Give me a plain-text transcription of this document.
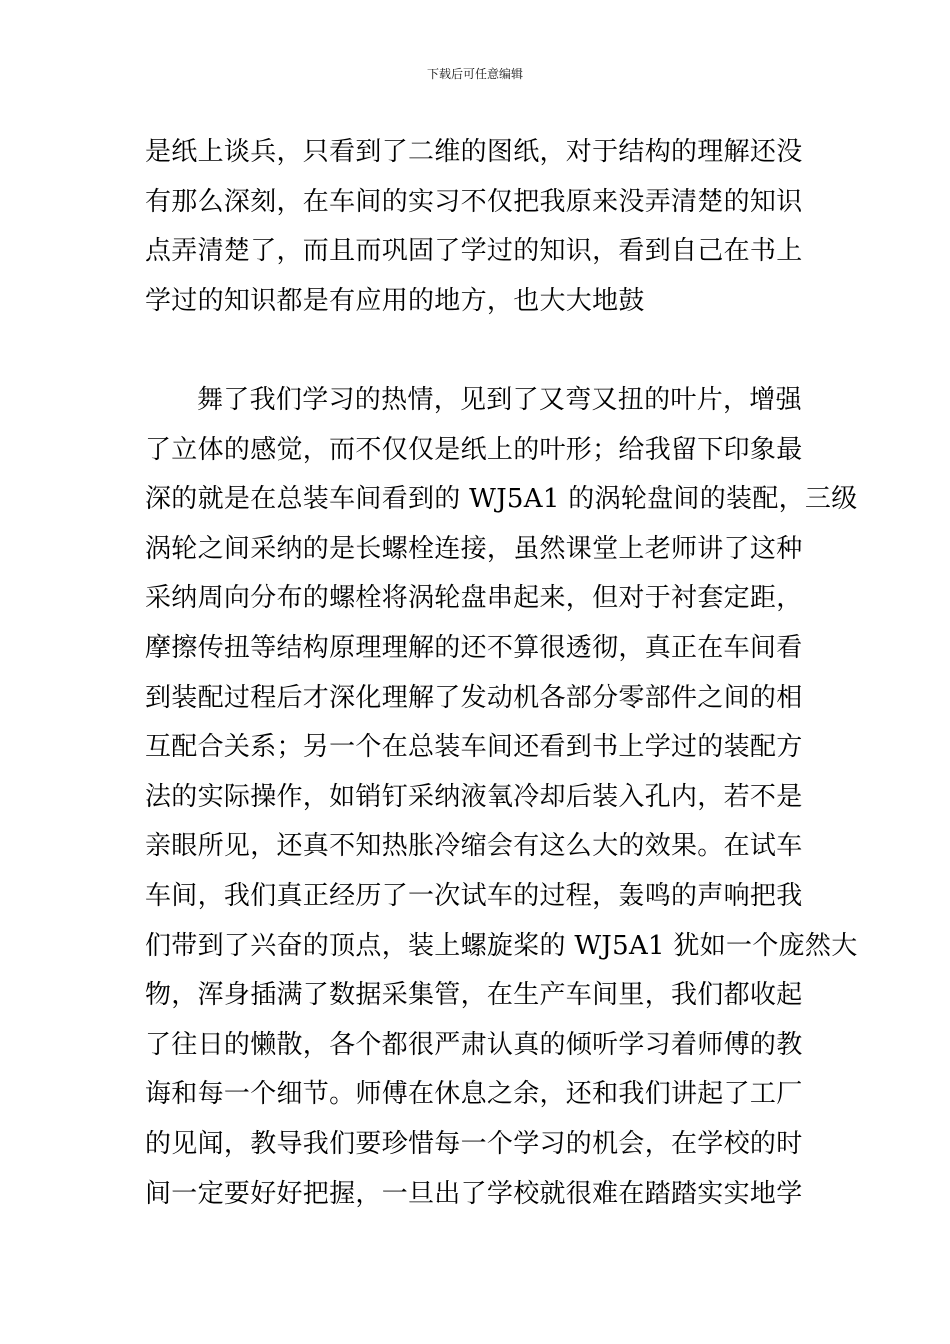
下载后可任意编辑
是纸上谈兵，只看到了二维的图纸，对于结构的理解还没
有那么深刻，在车间的实习不仅把我原来没弄清楚的知识
点弄清楚了，而且而巩固了学过的知识，看到自己在书上
学过的知识都是有应用的地方，也大大地鼓
舞了我们学习的热情，见到了又弯又扭的叶片，增强
了立体的感觉，而不仅仅是纸上的叶形；给我留下印象最
深的就是在总装车间看到的 WJ5A1 的涡轮盘间的装配，三级
涡轮之间采纳的是长螺栓连接，虽然课堂上老师讲了这种
采纳周向分布的螺栓将涡轮盘串起来，但对于衬套定距，
摩擦传扭等结构原理理解的还不算很透彻，真正在车间看
到装配过程后才深化理解了发动机各部分零部件之间的相
互配合关系；另一个在总装车间还看到书上学过的装配方
法的实际操作，如销钉采纳液氧冷却后装入孔内，若不是
亲眼所见，还真不知热胀冷缩会有这么大的效果。在试车
车间，我们真正经历了一次试车的过程，轰鸣的声响把我
们带到了兴奋的顶点，装上螺旋桨的 WJ5A1 犹如一个庞然大
物，浑身插满了数据采集管，在生产车间里，我们都收起
了往日的懒散，各个都很严肃认真的倾听学习着师傅的教
诲和每一个细节。师傅在休息之余，还和我们讲起了工厂
的见闻，教导我们要珍惜每一个学习的机会，在学校的时
间一定要好好把握，一旦出了学校就很难在踏踏实实地学
